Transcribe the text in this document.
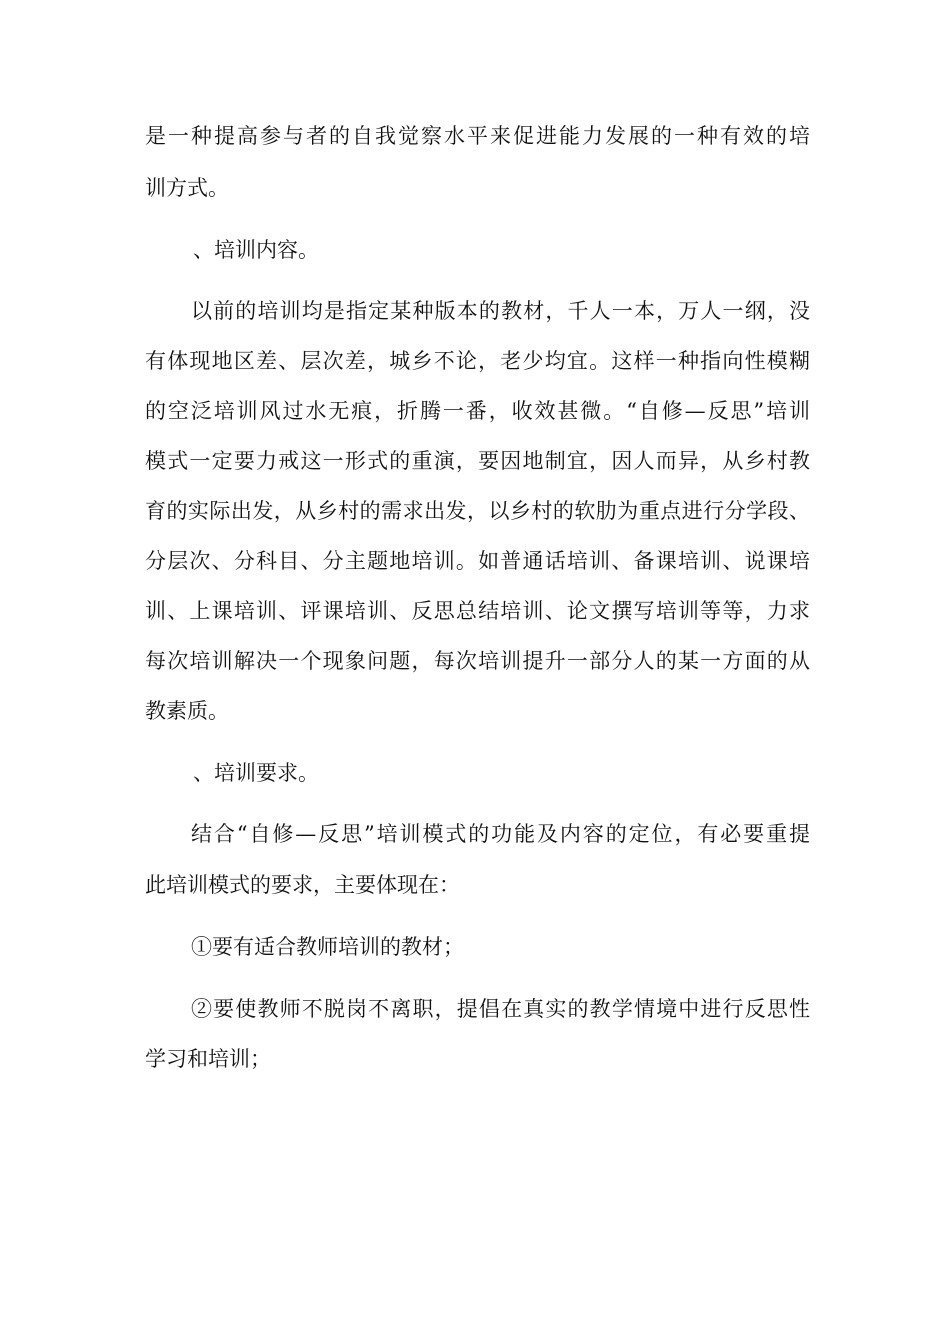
是一种提高参与者的自我觉察水平来促进能力发展的一种有效的培
训方式。
、培训内容。
以前的培训均是指定某种版本的教材，千人一本，万人一纲，没
有体现地区差、层次差，城乡不论，老少均宜。这样一种指向性模糊
的空泛培训风过水无痕，折腾一番，收效甚微。“自修—反思”培训
模式一定要力戒这一形式的重演，要因地制宜，因人而异，从乡村教
育的实际出发，从乡村的需求出发，以乡村的软肋为重点进行分学段、
分层次、分科目、分主题地培训。如普通话培训、备课培训、说课培
训、上课培训、评课培训、反思总结培训、论文撰写培训等等，力求
每次培训解决一个现象问题，每次培训提升一部分人的某一方面的从
教素质。
、培训要求。
结合“自修—反思”培训模式的功能及内容的定位，有必要重提
此培训模式的要求，主要体现在：
①要有适合教师培训的教材；
②要使教师不脱岗不离职，提倡在真实的教学情境中进行反思性
学习和培训；
